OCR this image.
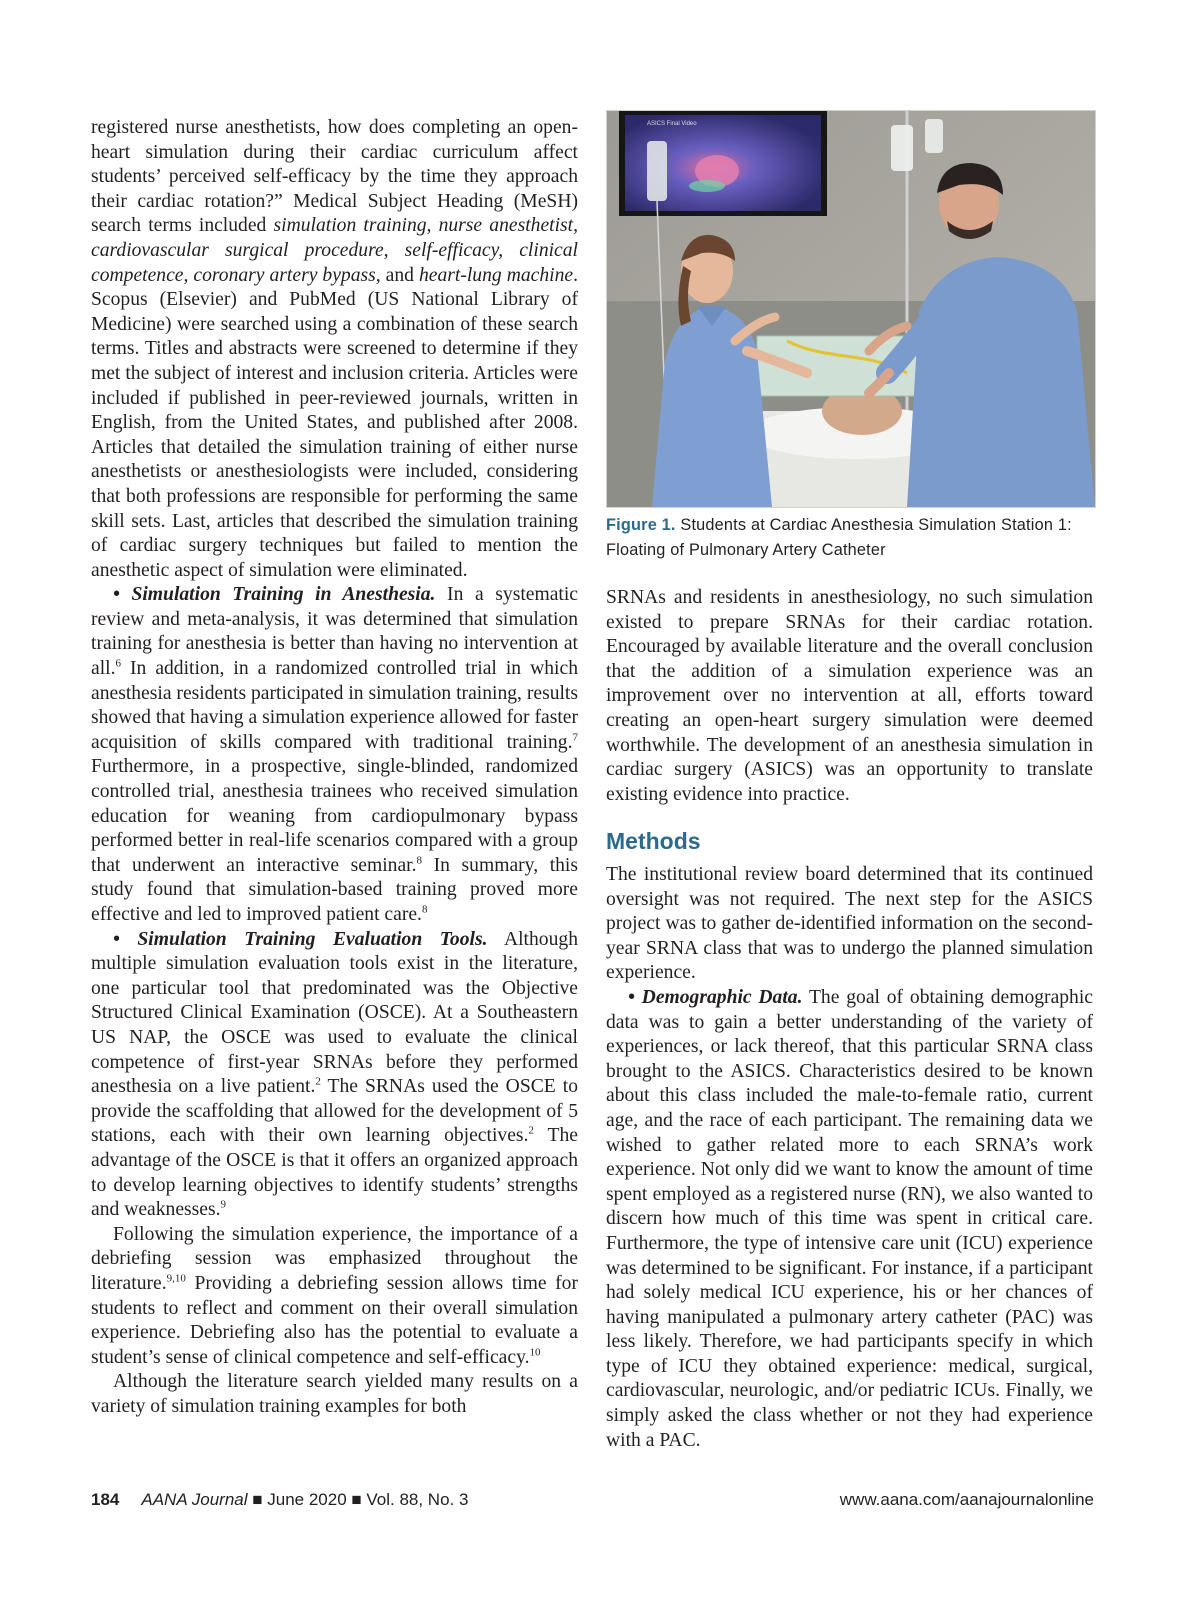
registered nurse anesthetists, how does completing an open-heart simulation during their cardiac curriculum affect students’ perceived self-efficacy by the time they approach their cardiac rotation?” Medical Subject Heading (MeSH) search terms included simulation training, nurse anesthetist, cardiovascular surgical procedure, self-efficacy, clinical competence, coronary artery bypass, and heart-lung machine. Scopus (Elsevier) and PubMed (US National Library of Medicine) were searched using a combination of these search terms. Titles and abstracts were screened to determine if they met the subject of interest and inclusion criteria. Articles were included if published in peer-reviewed journals, written in English, from the United States, and published after 2008. Articles that detailed the simulation training of either nurse anesthetists or anesthesiologists were included, considering that both professions are responsible for performing the same skill sets. Last, articles that described the simulation training of cardiac surgery techniques but failed to mention the anesthetic aspect of simulation were eliminated.

• Simulation Training in Anesthesia. In a systematic review and meta-analysis, it was determined that simulation training for anesthesia is better than having no intervention at all.$^6$ In addition, in a randomized controlled trial in which anesthesia residents participated in simulation training, results showed that having a simulation experience allowed for faster acquisition of skills compared with traditional training.$^7$ Furthermore, in a prospective, single-blinded, randomized controlled trial, anesthesia trainees who received simulation education for weaning from cardiopulmonary bypass performed better in real-life scenarios compared with a group that underwent an interactive seminar.$^8$ In summary, this study found that simulation-based training proved more effective and led to improved patient care.$^8$

• Simulation Training Evaluation Tools. Although multiple simulation evaluation tools exist in the literature, one particular tool that predominated was the Objective Structured Clinical Examination (OSCE). At a Southeastern US NAP, the OSCE was used to evaluate the clinical competence of first-year SRNAs before they performed anesthesia on a live patient.$^2$ The SRNAs used the OSCE to provide the scaffolding that allowed for the development of 5 stations, each with their own learning objectives.$^2$ The advantage of the OSCE is that it offers an organized approach to develop learning objectives to identify students’ strengths and weaknesses.$^9$

Following the simulation experience, the importance of a debriefing session was emphasized throughout the literature.$^{9,10}$ Providing a debriefing session allows time for students to reflect and comment on their overall simulation experience. Debriefing also has the potential to evaluate a student’s sense of clinical competence and self-efficacy.$^{10}$

Although the literature search yielded many results on a variety of simulation training examples for both

ASICS Final Video
Figure 1. Students at Cardiac Anesthesia Simulation Station 1: Floating of Pulmonary Artery Catheter

SRNAs and residents in anesthesiology, no such simulation existed to prepare SRNAs for their cardiac rotation. Encouraged by available literature and the overall conclusion that the addition of a simulation experience was an improvement over no intervention at all, efforts toward creating an open-heart surgery simulation were deemed worthwhile. The development of an anesthesia simulation in cardiac surgery (ASICS) was an opportunity to translate existing evidence into practice.

Methods

The institutional review board determined that its continued oversight was not required. The next step for the ASICS project was to gather de-identified information on the second-year SRNA class that was to undergo the planned simulation experience.

• Demographic Data. The goal of obtaining demographic data was to gain a better understanding of the variety of experiences, or lack thereof, that this particular SRNA class brought to the ASICS. Characteristics desired to be known about this class included the male-to-female ratio, current age, and the race of each participant. The remaining data we wished to gather related more to each SRNA’s work experience. Not only did we want to know the amount of time spent employed as a registered nurse (RN), we also wanted to discern how much of this time was spent in critical care. Furthermore, the type of intensive care unit (ICU) experience was determined to be significant. For instance, if a participant had solely medical ICU experience, his or her chances of having manipulated a pulmonary artery catheter (PAC) was less likely. Therefore, we had participants specify in which type of ICU they obtained experience: medical, surgical, cardiovascular, neurologic, and/or pediatric ICUs. Finally, we simply asked the class whether or not they had experience with a PAC.

184 AANA Journal ■ June 2020 ■ Vol. 88, No. 3	www.aana.com/aanajournalonline
